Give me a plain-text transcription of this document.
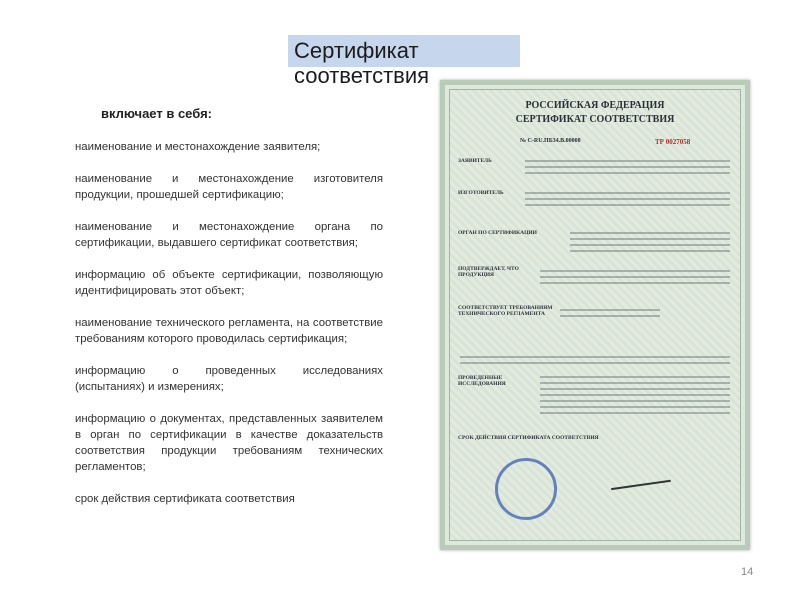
Сертификат
соответствия
включает в себя:

наименование и местонахождение заявителя;

наименование и местонахождение изготовителя продукции, прошедшей сертификацию;

наименование и местонахождение органа по сертификации, выдавшего сертификат соответствия;

информацию об объекте сертификации, позволяющую идентифицировать этот объект;

наименование технического регламента, на соответствие требованиям которого проводилась сертификация;

информацию о проведенных исследованиях (испытаниях) и измерениях;

информацию о документах, представленных заявителем в орган по сертификации в качестве доказательств соответствия продукции требованиям технических регламентов;

срок действия сертификата соответствия

РОССИЙСКАЯ ФЕДЕРАЦИЯ
СЕРТИФИКАТ СООТВЕТСТВИЯ
№ C-RU.ПБ34.В.00008	ТР 0027058
ЗАЯВИТЕЛЬ
ИЗГОТОВИТЕЛЬ
ОРГАН ПО СЕРТИФИКАЦИИ
ПОДТВЕРЖДАЕТ, ЧТО ПРОДУКЦИЯ
СООТВЕТСТВУЕТ ТРЕБОВАНИЯМ ТЕХНИЧЕСКОГО РЕГЛАМЕНТА
ПРОВЕДЕННЫЕ ИССЛЕДОВАНИЯ
СРОК ДЕЙСТВИЯ СЕРТИФИКАТА СООТВЕТСТВИЯ
14
